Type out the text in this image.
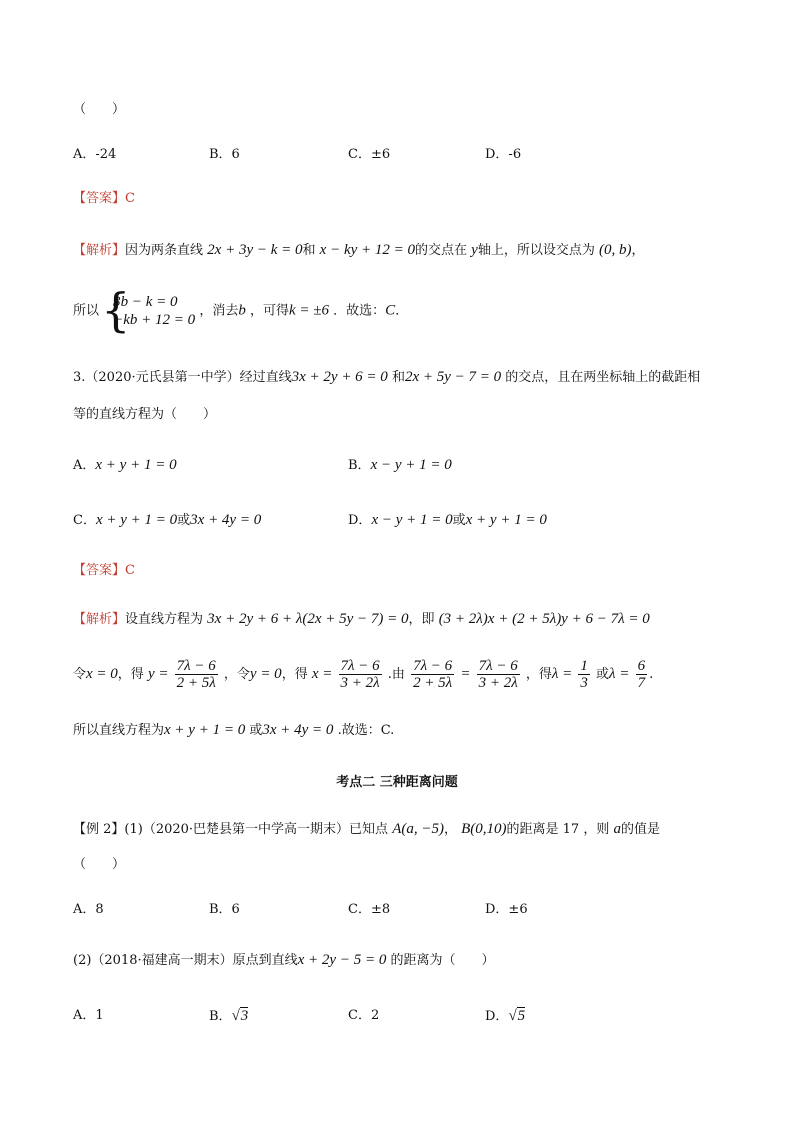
（　　）
A．-24	B．6	C．±6	D．-6
【答案】C
【解析】因为两条直线 2x + 3y − k = 0和 x − ky + 12 = 0的交点在 y轴上，所以设交点为 (0, b)，
所以
{ 3b − k = 0
−kb + 12 = 0
，消去b ，可得k = ±6 ．故选：C．
3.（2020·元氏县第一中学）经过直线3x + 2y + 6 = 0 和2x + 5y − 7 = 0 的交点，且在两坐标轴上的截距相
等的直线方程为（　　）
A．x + y + 1 = 0	B．x − y + 1 = 0
C．x + y + 1 = 0或3x + 4y = 0	D．x − y + 1 = 0或x + y + 1 = 0
【答案】C
【解析】设直线方程为 3x + 2y + 6 + λ(2x + 5y − 7) = 0，即 (3 + 2λ)x + (2 + 5λ)y + 6 − 7λ = 0
令x = 0，得 $y = \frac{7\lambda - 6}{2 + 5\lambda}$ ，令y = 0，得 $x = \frac{7\lambda - 6}{3 + 2\lambda}$ .由 $\frac{7\lambda - 6}{2 + 5\lambda} = \frac{7\lambda - 6}{3 + 2\lambda}$ ，得$\lambda = \frac{1}{3}$ 或$\lambda = \frac{6}{7}$ .
所以直线方程为x + y + 1 = 0 或3x + 4y = 0 .故选：C.
考点二 三种距离问题
【例 2】(1)（2020·巴楚县第一中学高一期末）已知点 A(a, −5)， B(0,10)的距离是 17 ，则 a的值是
（　　）
A．8	B．6	C．±8	D．±6
(2)（2018·福建高一期末）原点到直线x + 2y − 5 = 0 的距离为（　　）
A．1	B．√3	C．2	D．√5
